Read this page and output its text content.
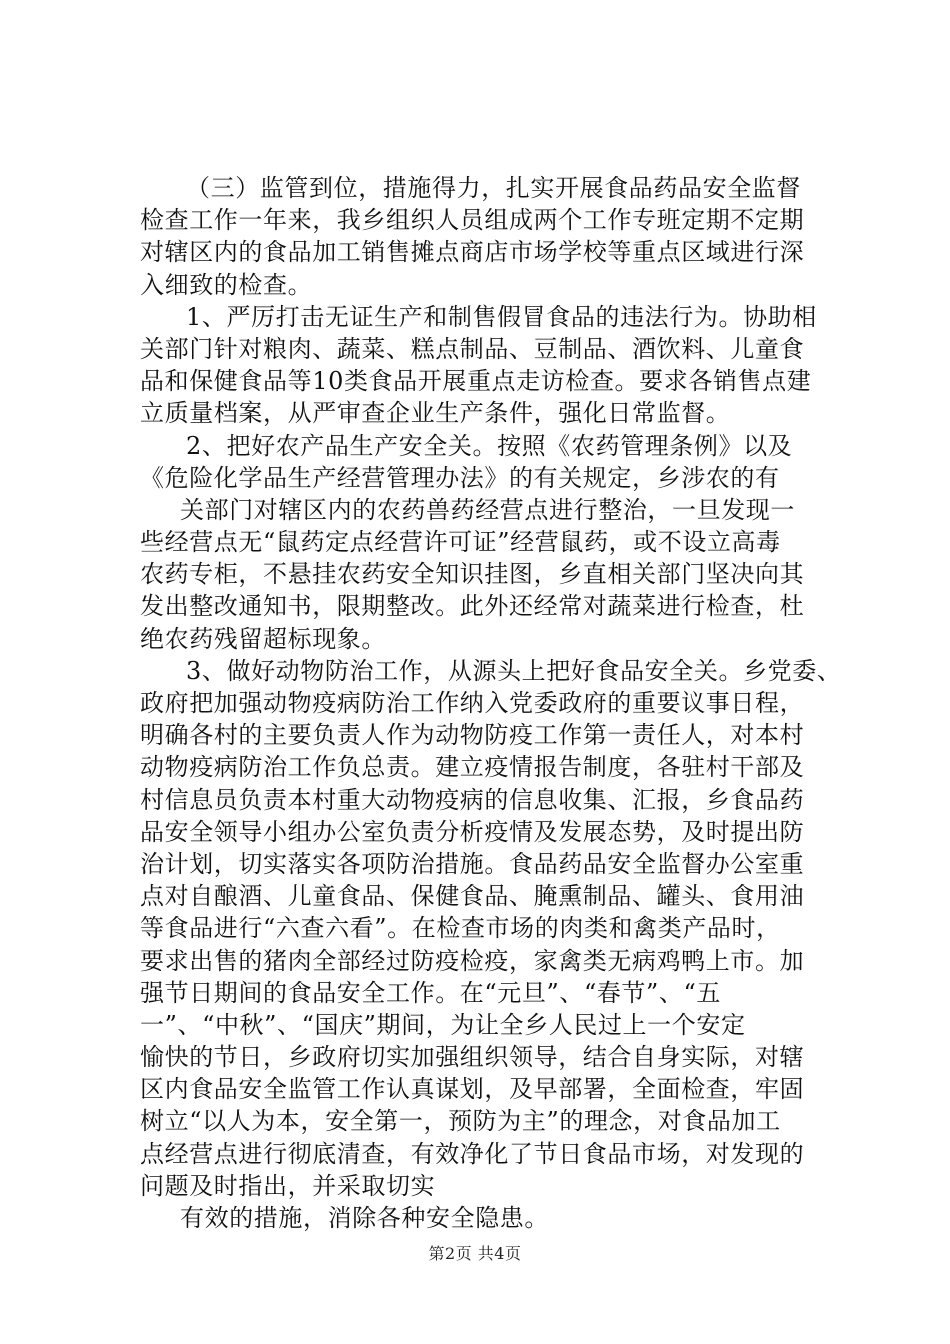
（三）监管到位，措施得力，扎实开展食品药品安全监督
检查工作一年来，我乡组织人员组成两个工作专班定期不定期
对辖区内的食品加工销售摊点商店市场学校等重点区域进行深
入细致的检查。
1、严厉打击无证生产和制售假冒食品的违法行为。协助相
关部门针对粮肉、蔬菜、糕点制品、豆制品、酒饮料、儿童食
品和保健食品等10类食品开展重点走访检查。要求各销售点建
立质量档案，从严审查企业生产条件，强化日常监督。
2、把好农产品生产安全关。按照《农药管理条例》以及
《危险化学品生产经营管理办法》的有关规定，乡涉农的有
关部门对辖区内的农药兽药经营点进行整治，一旦发现一
些经营点无“鼠药定点经营许可证”经营鼠药，或不设立高毒
农药专柜，不悬挂农药安全知识挂图，乡直相关部门坚决向其
发出整改通知书，限期整改。此外还经常对蔬菜进行检查，杜
绝农药残留超标现象。
3、做好动物防治工作，从源头上把好食品安全关。乡党委、
政府把加强动物疫病防治工作纳入党委政府的重要议事日程，
明确各村的主要负责人作为动物防疫工作第一责任人，对本村
动物疫病防治工作负总责。建立疫情报告制度，各驻村干部及
村信息员负责本村重大动物疫病的信息收集、汇报，乡食品药
品安全领导小组办公室负责分析疫情及发展态势，及时提出防
治计划，切实落实各项防治措施。食品药品安全监督办公室重
点对自酿酒、儿童食品、保健食品、腌熏制品、罐头、食用油
等食品进行“六查六看”。在检查市场的肉类和禽类产品时，
要求出售的猪肉全部经过防疫检疫，家禽类无病鸡鸭上市。加
强节日期间的食品安全工作。在“元旦”、“春节”、“五
一”、“中秋”、“国庆”期间，为让全乡人民过上一个安定
愉快的节日，乡政府切实加强组织领导，结合自身实际，对辖
区内食品安全监管工作认真谋划，及早部署，全面检查，牢固
树立“以人为本，安全第一，预防为主”的理念，对食品加工
点经营点进行彻底清查，有效净化了节日食品市场，对发现的
问题及时指出，并采取切实
有效的措施，消除各种安全隐患。
第2页 共4页
